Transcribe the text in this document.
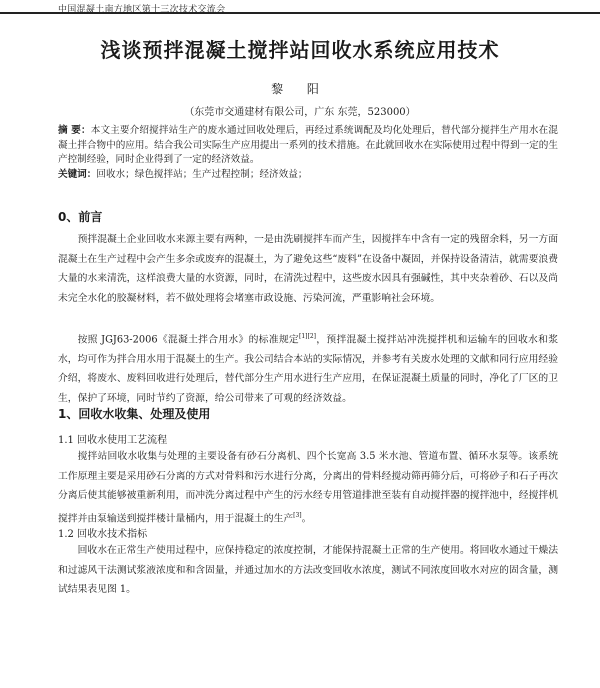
中国混凝土南方地区第十三次技术交流会
浅谈预拌混凝土搅拌站回收水系统应用技术
黎 阳
（东莞市交通建材有限公司，广东 东莞，523000）
摘 要：本文主要介绍搅拌站生产的废水通过回收处理后，再经过系统调配及均化处理后，替代部分搅拌生产用水在混凝土拌合物中的应用。结合我公司实际生产应用提出一系列的技术措施。在此就回收水在实际使用过程中得到一定的生产控制经验，同时企业得到了一定的经济效益。
关键词：回收水；绿色搅拌站；生产过程控制；经济效益；
0、前言
预拌混凝土企业回收水来源主要有两种，一是由洗刷搅拌车而产生，因搅拌车中含有一定的残留余料，另一方面混凝土在生产过程中会产生多余或废弃的混凝土，为了避免这些“废料”在设备中凝固，并保持设备清洁，就需要浪费大量的水来清洗，这样浪费大量的水资源，同时，在清洗过程中，这些废水因具有强碱性，其中夹杂着砂、石以及尚未完全水化的胶凝材料，若不做处理将会堵塞市政设施、污染河流，严重影响社会环境。
按照 JGJ63-2006《混凝土拌合用水》的标准规定[1][2]，预拌混凝土搅拌站冲洗搅拌机和运输车的回收水和浆水，均可作为拌合用水用于混凝土的生产。我公司结合本站的实际情况，并参考有关废水处理的文献和同行应用经验介绍，将废水、废料回收进行处理后，替代部分生产用水进行生产应用，在保证混凝土质量的同时，净化了厂区的卫生，保护了环境，同时节约了资源，给公司带来了可观的经济效益。
1、回收水收集、处理及使用
1.1 回收水使用工艺流程
搅拌站回收水收集与处理的主要设备有砂石分离机、四个长宽高 3.5 米水池、管道布置、循环水泵等。该系统工作原理主要是采用砂石分离的方式对骨料和污水进行分离，分离出的骨料经搅动筛再筛分后，可将砂子和石子再次分离后使其能够被重新利用，而冲洗分离过程中产生的污水经专用管道排泄至装有自动搅拌器的搅拌池中，经搅拌机搅拌并由泵输送到搅拌楼计量桶内，用于混凝土的生产[3]。
1.2 回收水技术指标
回收水在正常生产使用过程中，应保持稳定的浓度控制，才能保持混凝土正常的生产使用。将回收水通过干燥法和过滤风干法测试浆液浓度和和含固量，并通过加水的方法改变回收水浓度，测试不同浓度回收水对应的固含量，测试结果表见图 1。
